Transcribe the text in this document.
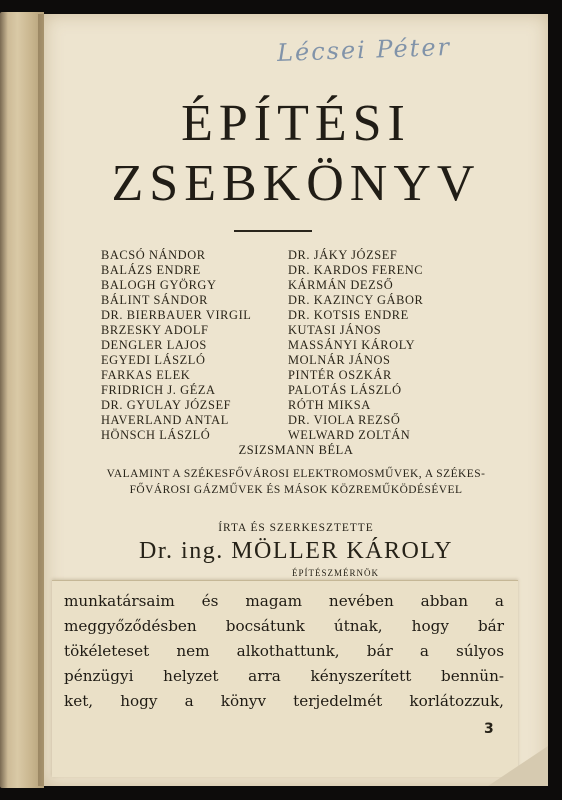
Lécsei Péter
ÉPÍTÉSI
ZSEBKÖNYV
BACSÓ NÁNDOR
BALÁZS ENDRE
BALOGH GYÖRGY
BÁLINT SÁNDOR
DR. BIERBAUER VIRGIL
BRZESKY ADOLF
DENGLER LAJOS
EGYEDI LÁSZLÓ
FARKAS ELEK
FRIDRICH J. GÉZA
DR. GYULAY JÓZSEF
HAVERLAND ANTAL
HÖNSCH LÁSZLÓ
DR. JÁKY JÓZSEF
DR. KARDOS FERENC
KÁRMÁN DEZSŐ
DR. KAZINCY GÁBOR
DR. KOTSIS ENDRE
KUTASI JÁNOS
MASSÁNYI KÁROLY
MOLNÁR JÁNOS
PINTÉR OSZKÁR
PALOTÁS LÁSZLÓ
RÓTH MIKSA
DR. VIOLA REZSŐ
WELWARD ZOLTÁN
ZSIZSMANN BÉLA
VALAMINT A SZÉKESFŐVÁROSI ELEKTROMOSMŰVEK, A SZÉKES-
FŐVÁROSI GÁZMŰVEK ÉS MÁSOK KÖZREMŰKÖDÉSÉVEL
ÍRTA ÉS SZERKESZTETTE
Dr. ing. MÖLLER KÁROLY
ÉPÍTÉSZMÉRNÖK
munkatársaim és magam nevében abban a
meggyőződésben bocsátunk útnak, hogy bár
tökéleteset nem alkothattunk, bár a súlyos
pénzügyi helyzet arra kényszerített bennün-
ket, hogy a könyv terjedelmét korlátozzuk,
3
